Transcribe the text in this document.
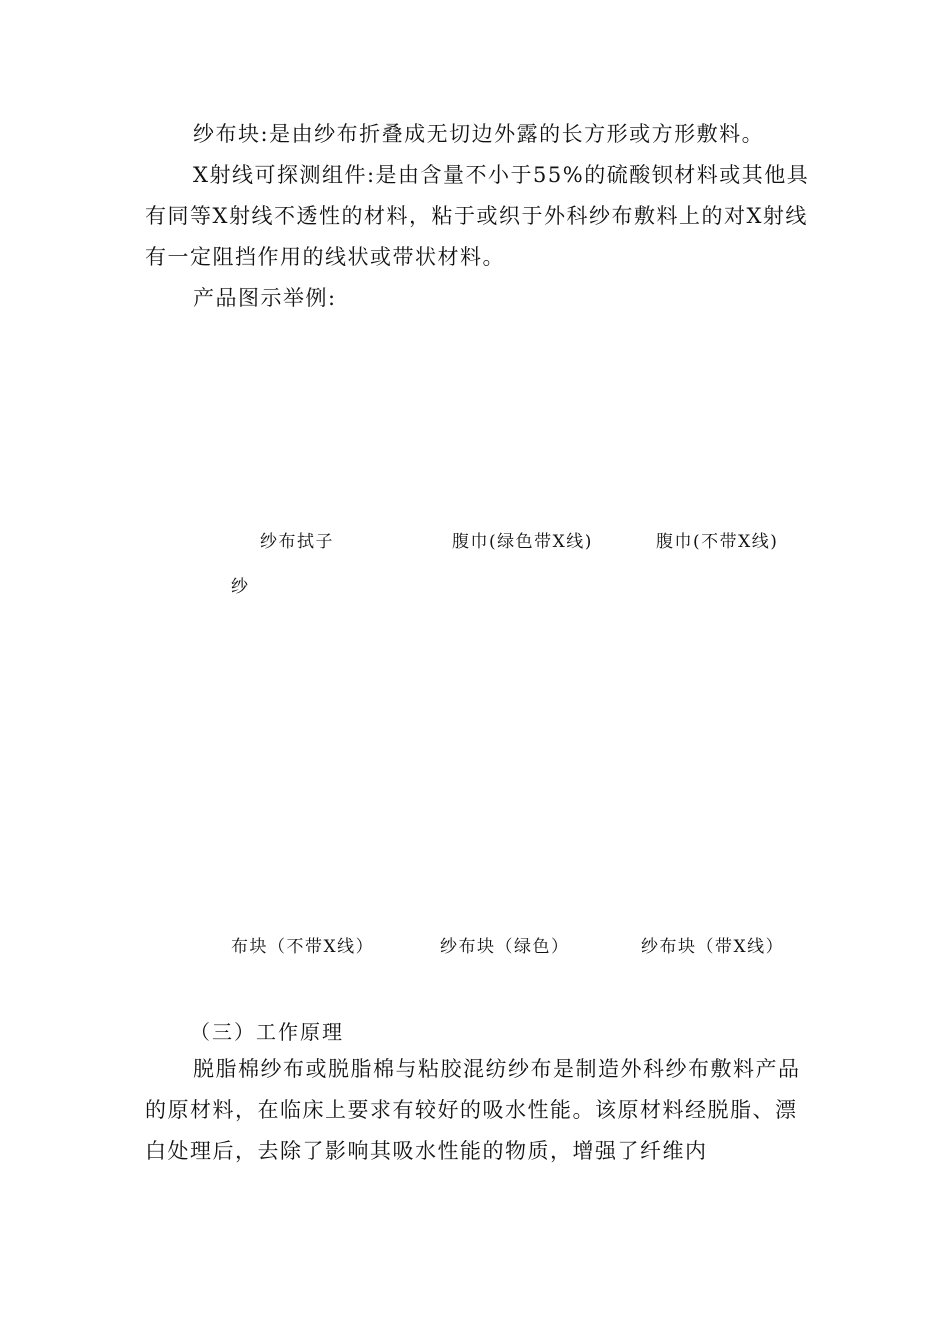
纱布块:是由纱布折叠成无切边外露的长方形或方形敷料。

X射线可探测组件:是由含量不小于55%的硫酸钡材料或其他具有同等X射线不透性的材料，粘于或织于外科纱布敷料上的对X射线有一定阻挡作用的线状或带状材料。

产品图示举例:

纱布拭子	腹巾(绿色带X线)	腹巾(不带X线)
纱
布块（不带X线）	纱布块（绿色）	纱布块（带X线）
（三）工作原理

脱脂棉纱布或脱脂棉与粘胶混纺纱布是制造外科纱布敷料产品的原材料，在临床上要求有较好的吸水性能。该原材料经脱脂、漂白处理后，去除了影响其吸水性能的物质，增强了纤维内
